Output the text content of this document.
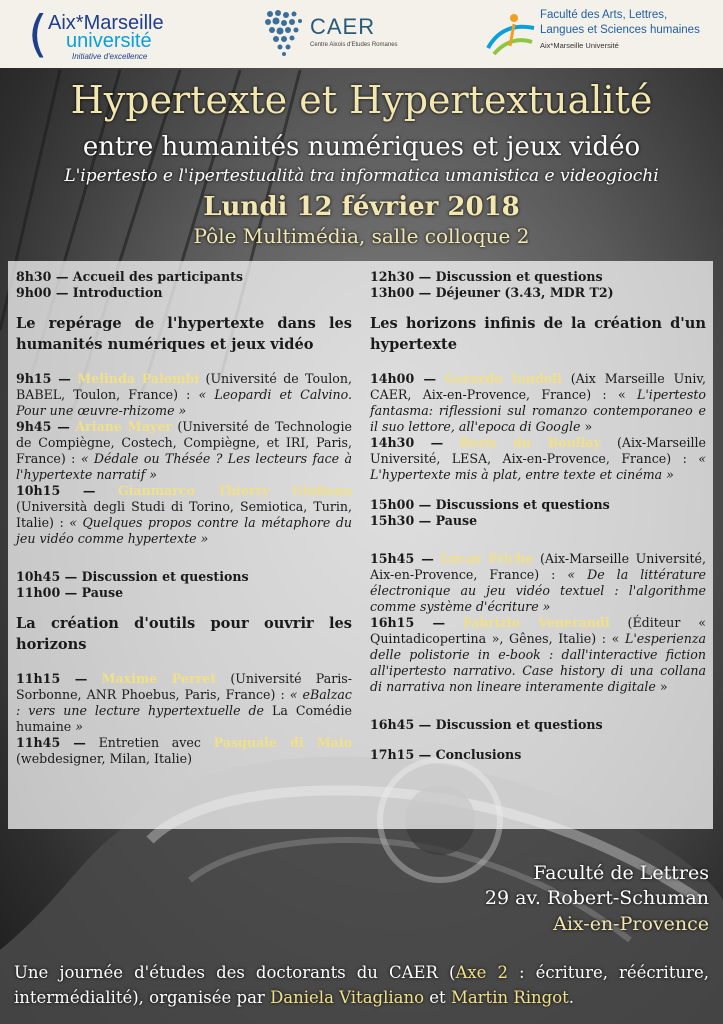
( Aix*Marseille
université
Initiative d'excellence
CAER
Centre Aixois d'Etudes Romanes
Faculté des Arts, Lettres,
Langues et Sciences humaines
Aix*Marseille Université
Hypertexte et Hypertextualité
entre humanités numériques et jeux vidéo
L'ipertesto e l'ipertestualità tra informatica umanistica e videogiochi
Lundi 12 février 2018
Pôle Multimédia, salle colloque 2
8h30 — Accueil des participants
9h00 — Introduction
Le repérage de l'hypertexte dans les humanités numériques et jeux vidéo

9h15 — Melinda Palombi (Université de Toulon, BABEL, Toulon, France) : « Leopardi et Calvino. Pour une œuvre-rhizome »

9h45 — Ariane Mayer (Université de Technologie de Compiègne, Costech, Compiègne, et IRI, Paris, France) : « Dédale ou Thésée ? Les lecteurs face à l'hypertexte narratif »

10h15 — Gianmarco Thierry Giuliana (Università degli Studi di Torino, Semiotica, Turin, Italie) : « Quelques propos contre la métaphore du jeu vidéo comme hypertexte »

10h45 — Discussion et questions
11h00 — Pause
La création d'outils pour ouvrir les horizons

11h15 — Maxime Perret (Université Paris-Sorbonne, ANR Phoebus, Paris, France) : « eBalzac : vers une lecture hypertextuelle de La Comédie humaine »

11h45 — Entretien avec Pasquale di Maio (webdesigner, Milan, Italie)

12h30 — Discussion et questions
13h00 — Déjeuner (3.43, MDR T2)
Les horizons infinis de la création d'un hypertexte

14h00 — Gerardo Iandoli (Aix Marseille Univ, CAER, Aix-en-Provence, France) : « L'ipertesto fantasma: riflessioni sul romanzo contemporaneo e il suo lettore, all'epoca di Google »

14h30 — Boris du Boullay (Aix-Marseille Université, LESA, Aix-en-Provence, France) : « L'hypertexte mis à plat, entre texte et cinéma »

15h00 — Discussions et questions
15h30 — Pause

15h45 — Lucas Friche (Aix-Marseille Université, Aix-en-Provence, France) : « De la littérature électronique au jeu vidéo textuel : l'algorithme comme système d'écriture »

16h15 — Fabrizio Venerandi (Éditeur « Quintadicopertina », Gênes, Italie) : « L'esperienza delle polistorie in e-book : dall'interactive fiction all'ipertesto narrativo. Case history di una collana di narrativa non lineare interamente digitale »

16h45 — Discussion et questions
17h15 — Conclusions
Faculté de Lettres
29 av. Robert-Schuman
Aix-en-Provence
Une journée d'études des doctorants du CAER (Axe 2 : écriture, réécriture, intermédialité), organisée par Daniela Vitagliano et Martin Ringot.
